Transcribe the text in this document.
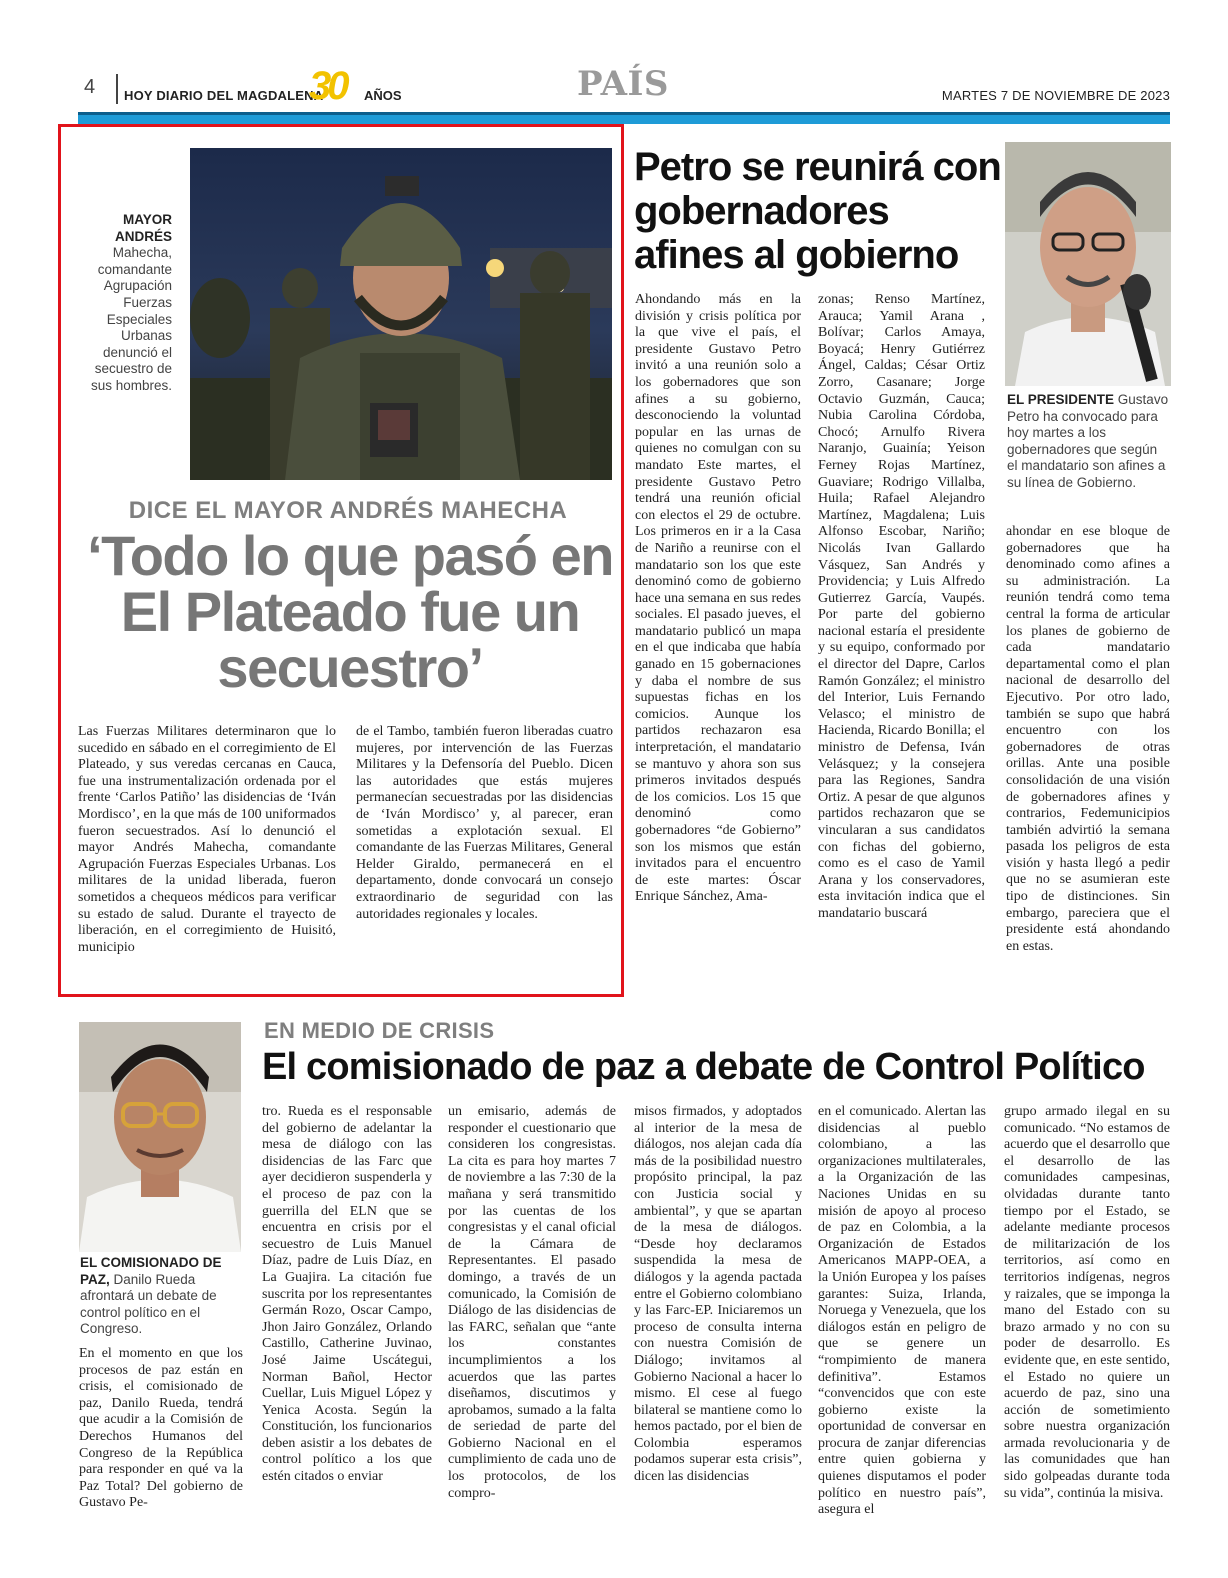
4 HOY DIARIO DEL MAGDALENA
30 AÑOS	PAÍS	MARTES 7 DE NOVIEMBRE DE 2023
MAYOR ANDRÉS
Mahecha, comandante Agrupación Fuerzas Especiales Urbanas denunció el secuestro de sus hombres.
DICE EL MAYOR ANDRÉS MAHECHA
‘Todo lo que pasó en El Plateado fue un secuestro’
Las Fuerzas Militares determinaron que lo sucedido en sábado en el corregimiento de El Plateado, y sus veredas cercanas en Cauca, fue una instrumentalización ordenada por el frente ‘Carlos Patiño’ las disidencias de ‘Iván Mordisco’, en la que más de 100 uniformados fueron secuestrados. Así lo denunció el mayor Andrés Mahecha, comandante Agrupación Fuerzas Especiales Urbanas. Los militares de la unidad liberada, fueron sometidos a chequeos médicos para verificar su estado de salud. Durante el trayecto de liberación, en el corregimiento de Huisitó, municipio
de el Tambo, también fueron liberadas cuatro mujeres, por intervención de las Fuerzas Militares y la Defensoría del Pueblo. Dicen las autoridades que estás mujeres permanecían secuestradas por las disidencias de ‘Iván Mordisco’ y, al parecer, eran sometidas a explotación sexual. El comandante de las Fuerzas Militares, General Helder Giraldo, permanecerá en el departamento, donde convocará un consejo extraordinario de seguridad con las autoridades regionales y locales.
Petro se reunirá con gobernadores afines al gobierno
EL PRESIDENTE Gustavo Petro ha convocado para hoy martes a los gobernadores que según el mandatario son afines a su línea de Gobierno.
Ahondando más en la división y crisis política por la que vive el país, el presidente Gustavo Petro invitó a una reunión solo a los gobernadores que son afines a su gobierno, desconociendo la voluntad popular en las urnas de quienes no comulgan con su mandato Este martes, el presidente Gustavo Petro tendrá una reunión oficial con electos el 29 de octubre. Los primeros en ir a la Casa de Nariño a reunirse con el mandatario son los que este denominó como de gobierno hace una semana en sus redes sociales. El pasado jueves, el mandatario publicó un mapa en el que indicaba que había ganado en 15 gobernaciones y daba el nombre de sus supuestas fichas en los comicios. Aunque los partidos rechazaron esa interpretación, el mandatario se mantuvo y ahora son sus primeros invitados después de los comicios. Los 15 que denominó como gobernadores “de Gobierno” son los mismos que están invitados para el encuentro de este martes: Óscar Enrique Sánchez, Ama-
zonas; Renso Martínez, Arauca; Yamil Arana , Bolívar; Carlos Amaya, Boyacá; Henry Gutiérrez Ángel, Caldas; César Ortiz Zorro, Casanare; Jorge Octavio Guzmán, Cauca; Nubia Carolina Córdoba, Chocó; Arnulfo Rivera Naranjo, Guainía; Yeison Ferney Rojas Martínez, Guaviare; Rodrigo Villalba, Huila; Rafael Alejandro Martínez, Magdalena; Luis Alfonso Escobar, Nariño; Nicolás Ivan Gallardo Vásquez, San Andrés y Providencia; y Luis Alfredo Gutierrez García, Vaupés. Por parte del gobierno nacional estaría el presidente y su equipo, conformado por el director del Dapre, Carlos Ramón González; el ministro del Interior, Luis Fernando Velasco; el ministro de Hacienda, Ricardo Bonilla; el ministro de Defensa, Iván Velásquez; y la consejera para las Regiones, Sandra Ortiz. A pesar de que algunos partidos rechazaron que se vincularan a sus candidatos con fichas del gobierno, como es el caso de Yamil Arana y los conservadores, esta invitación indica que el mandatario buscará
ahondar en ese bloque de gobernadores que ha denominado como afines a su administración. La reunión tendrá como tema central la forma de articular los planes de gobierno de cada mandatario departamental como el plan nacional de desarrollo del Ejecutivo. Por otro lado, también se supo que habrá encuentro con los gobernadores de otras orillas. Ante una posible consolidación de una visión de gobernadores afines y contrarios, Fedemunicipios también advirtió la semana pasada los peligros de esta visión y hasta llegó a pedir que no se asumieran este tipo de distinciones. Sin embargo, pareciera que el presidente está ahondando en estas.
EL COMISIONADO DE PAZ, Danilo Rueda afrontará un debate de control político en el Congreso.
EN MEDIO DE CRISIS
El comisionado de paz a debate de Control Político
En el momento en que los procesos de paz están en crisis, el comisionado de paz, Danilo Rueda, tendrá que acudir a la Comisión de Derechos Humanos del Congreso de la República para responder en qué va la Paz Total? Del gobierno de Gustavo Pe-
tro. Rueda es el responsable del gobierno de adelantar la mesa de diálogo con las disidencias de las Farc que ayer decidieron suspenderla y el proceso de paz con la guerrilla del ELN que se encuentra en crisis por el secuestro de Luis Manuel Díaz, padre de Luis Díaz, en La Guajira. La citación fue suscrita por los representantes Germán Rozo, Oscar Campo, Jhon Jairo González, Orlando Castillo, Catherine Juvinao, José Jaime Uscátegui, Norman Bañol, Hector Cuellar, Luis Miguel López y Yenica Acosta. Según la Constitución, los funcionarios deben asistir a los debates de control político a los que estén citados o enviar
un emisario, además de responder el cuestionario que consideren los congresistas. La cita es para hoy martes 7 de noviembre a las 7:30 de la mañana y será transmitido por las cuentas de los congresistas y el canal oficial de la Cámara de Representantes. El pasado domingo, a través de un comunicado, la Comisión de Diálogo de las disidencias de las FARC, señalan que “ante los constantes incumplimientos a los acuerdos que las partes diseñamos, discutimos y aprobamos, sumado a la falta de seriedad de parte del Gobierno Nacional en el cumplimiento de cada uno de los protocolos, de los compro-
misos firmados, y adoptados al interior de la mesa de diálogos, nos alejan cada día más de la posibilidad nuestro propósito principal, la paz con Justicia social y ambiental”, y que se apartan de la mesa de diálogos. “Desde hoy declaramos suspendida la mesa de diálogos y la agenda pactada entre el Gobierno colombiano y las Farc-EP. Iniciaremos un proceso de consulta interna con nuestra Comisión de Diálogo; invitamos al Gobierno Nacional a hacer lo mismo. El cese al fuego bilateral se mantiene como lo hemos pactado, por el bien de Colombia esperamos podamos superar esta crisis”, dicen las disidencias
en el comunicado. Alertan las disidencias al pueblo colombiano, a las organizaciones multilaterales, a la Organización de las Naciones Unidas en su misión de apoyo al proceso de paz en Colombia, a la Organización de Estados Americanos MAPP-OEA, a la Unión Europea y los países garantes: Suiza, Irlanda, Noruega y Venezuela, que los diálogos están en peligro de que se genere un “rompimiento de manera definitiva”. Estamos “convencidos que con este gobierno existe la oportunidad de conversar en procura de zanjar diferencias entre quien gobierna y quienes disputamos el poder político en nuestro país”, asegura el
grupo armado ilegal en su comunicado. “No estamos de acuerdo que el desarrollo que el desarrollo de las comunidades campesinas, olvidadas durante tanto tiempo por el Estado, se adelante mediante procesos de militarización de los territorios, así como en territorios indígenas, negros y raizales, que se imponga la mano del Estado con su brazo armado y no con su poder de desarrollo. Es evidente que, en este sentido, el Estado no quiere un acuerdo de paz, sino una acción de sometimiento sobre nuestra organización armada revolucionaria y de las comunidades que han sido golpeadas durante toda su vida”, continúa la misiva.
